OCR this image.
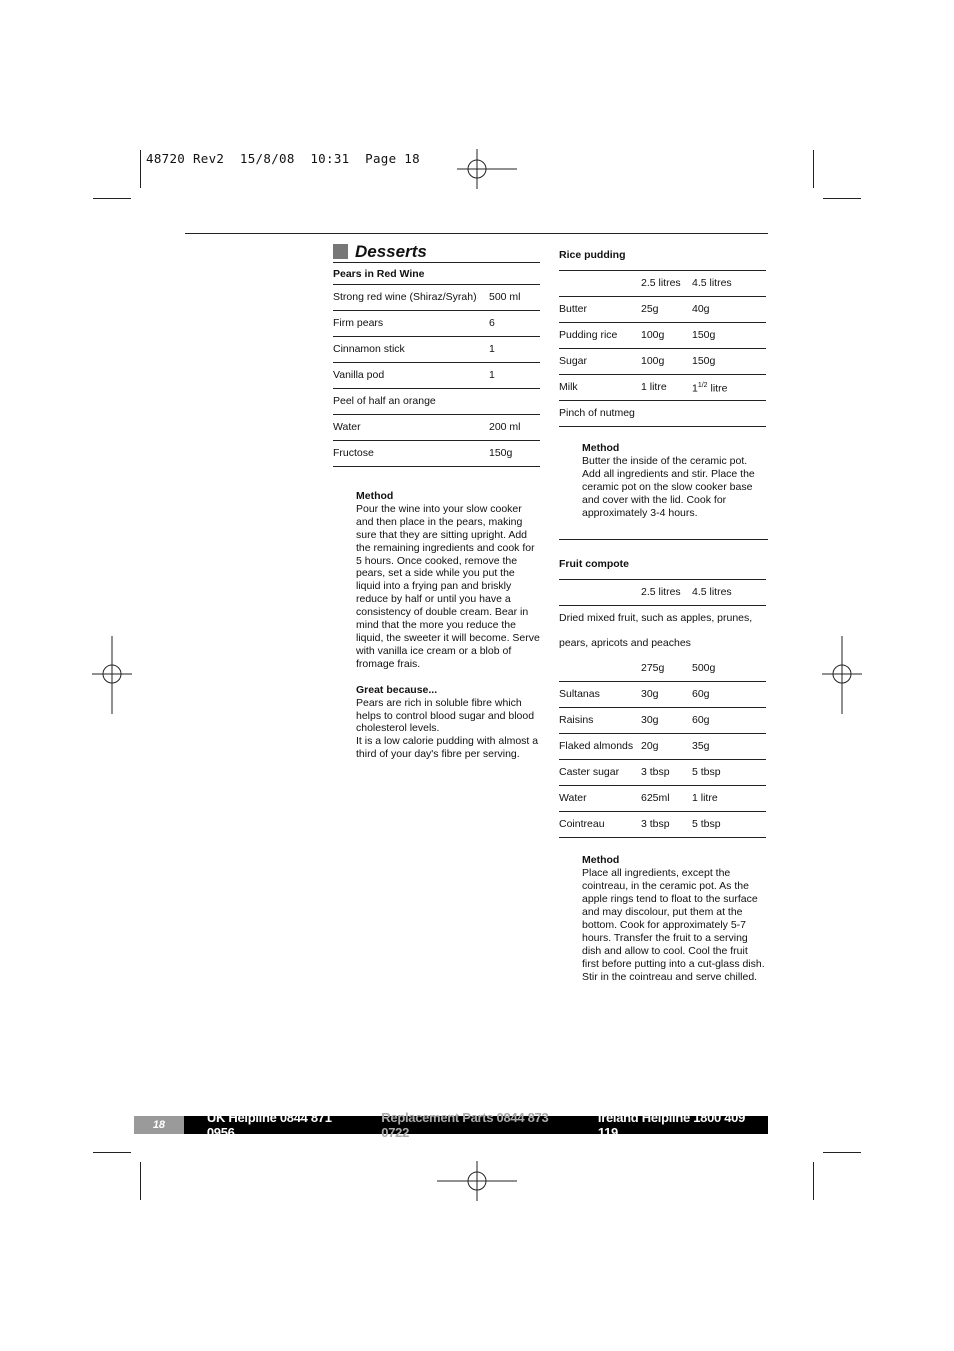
48720 Rev2  15/8/08  10:31  Page 18
Desserts
Pears in Red Wine
Strong red wine (Shiraz/Syrah)	500 ml
Firm pears	6
Cinnamon stick	1
Vanilla pod	1
Peel of half an orange	
Water	200 ml
Fructose	150g
Method

Pour the wine into your slow cooker and then place in the pears, making sure that they are sitting upright. Add the remaining ingredients and cook for 5 hours. Once cooked, remove the pears, set a side while you put the liquid into a frying pan and briskly reduce by half or until you have a consistency of double cream. Bear in mind that the more you reduce the liquid, the sweeter it will become. Serve with vanilla ice cream or a blob of fromage frais.

Great because...

Pears are rich in soluble fibre which helps to control blood sugar and blood cholesterol levels.

It is a low calorie pudding with almost a third of your day's fibre per serving.

Rice pudding
	2.5 litres	4.5 litres
Butter	25g	40g
Pudding rice	100g	150g
Sugar	100g	150g
Milk	1 litre	$1^{1/2}$ litre
Pinch of nutmeg		
Method

Butter the inside of the ceramic pot. Add all ingredients and stir. Place the ceramic pot on the slow cooker base and cover with the lid. Cook for approximately 3-4 hours.

Fruit compote
	2.5 litres	4.5 litres
Dried mixed fruit, such as apples, prunes,		
pears, apricots and peaches		
	275g	500g
Sultanas	30g	60g
Raisins	30g	60g
Flaked almonds	20g	35g
Caster sugar	3 tbsp	5 tbsp
Water	625ml	1 litre
Cointreau	3 tbsp	5 tbsp
Method

Place all ingredients, except the cointreau, in the ceramic pot. As the apple rings tend to float to the surface and may discolour, put them at the bottom. Cook for approximately 5-7 hours. Transfer the fruit to a serving dish and allow to cool. Cool the fruit first before putting into a cut-glass dish. Stir in the cointreau and serve chilled.

18	UK Helpline 0844 871 0956
Replacement Parts 0844 873 0722
Ireland Helpline 1800 409 119
